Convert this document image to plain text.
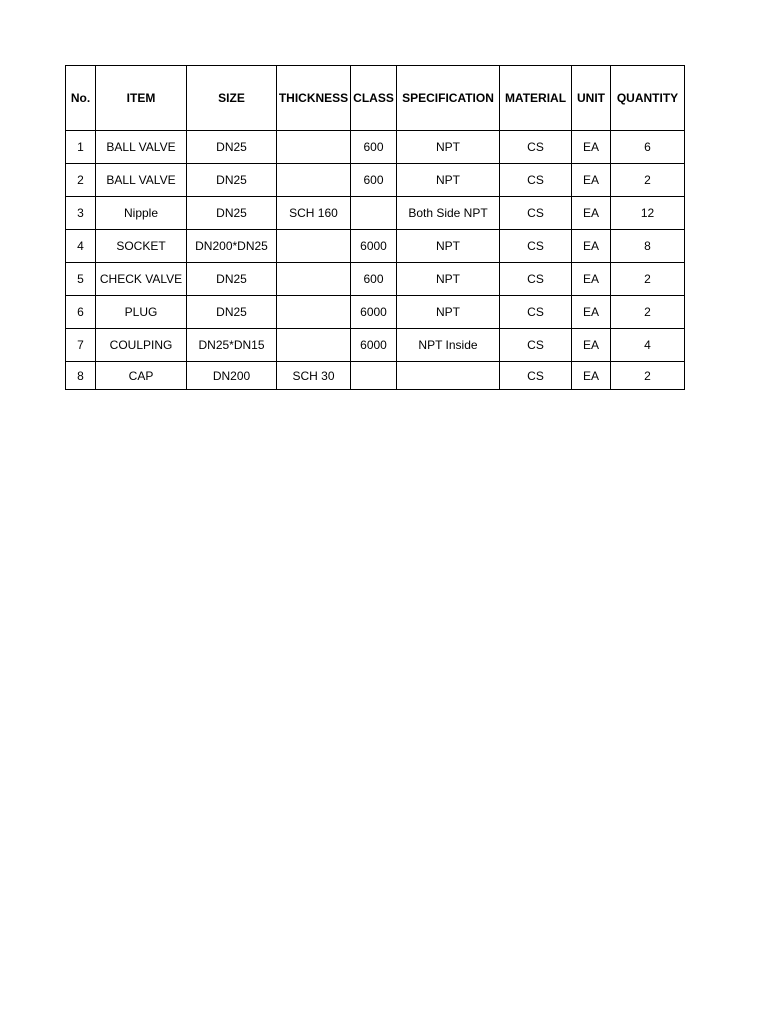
No.	ITEM	SIZE	THICKNESS	CLASS	SPECIFICATION	MATERIAL	UNIT	QUANTITY
1	BALL VALVE	DN25		600	NPT	CS	EA	6
2	BALL VALVE	DN25		600	NPT	CS	EA	2
3	Nipple	DN25	SCH 160		Both Side NPT	CS	EA	12
4	SOCKET	DN200*DN25		6000	NPT	CS	EA	8
5	CHECK VALVE	DN25		600	NPT	CS	EA	2
6	PLUG	DN25		6000	NPT	CS	EA	2
7	COULPING	DN25*DN15		6000	NPT Inside	CS	EA	4
8	CAP	DN200	SCH 30			CS	EA	2
